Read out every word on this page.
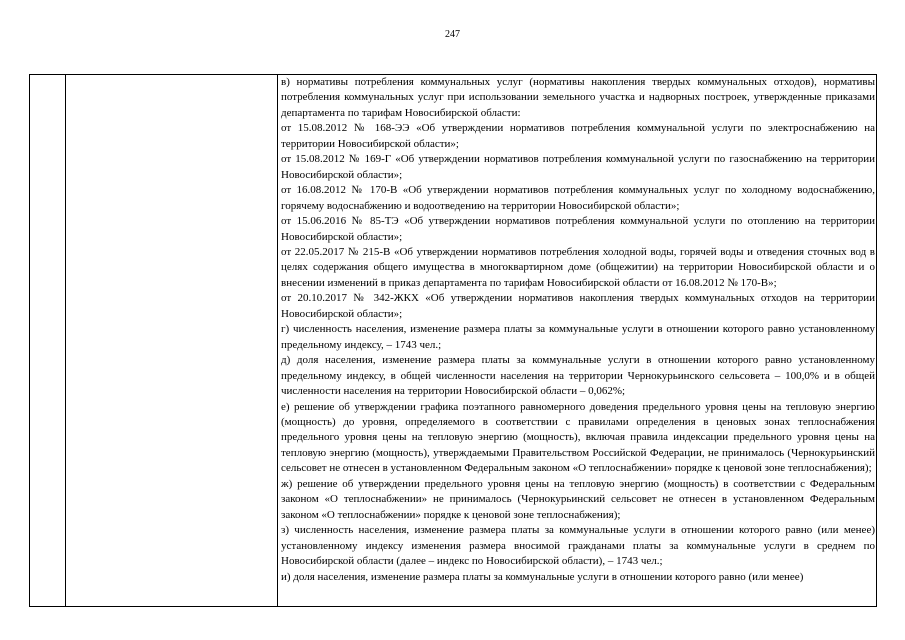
247

в) нормативы потребления коммунальных услуг (нормативы накопления твердых коммунальных отходов), нормативы потребления коммунальных услуг при использовании земельного участка и надворных построек, утвержденные приказами департамента по тарифам Новосибирской области:

от 15.08.2012 № 168-ЭЭ «Об утверждении нормативов потребления коммунальной услуги по электроснабжению на территории Новосибирской области»;

от 15.08.2012 № 169-Г «Об утверждении нормативов потребления коммунальной услуги по газоснабжению на территории Новосибирской области»;

от 16.08.2012 № 170-В «Об утверждении нормативов потребления коммунальных услуг по холодному водоснабжению, горячему водоснабжению и водоотведению на территории Новосибирской области»;

от 15.06.2016 № 85-ТЭ «Об утверждении нормативов потребления коммунальной услуги по отоплению на территории Новосибирской области»;

от 22.05.2017 № 215-В «Об утверждении нормативов потребления холодной воды, горячей воды и отведения сточных вод в целях содержания общего имущества в многоквартирном доме (общежитии) на территории Новосибирской области и о внесении изменений в приказ департамента по тарифам Новосибирской области от 16.08.2012 № 170-В»;

от 20.10.2017 № 342-ЖКХ «Об утверждении нормативов накопления твердых коммунальных отходов на территории Новосибирской области»;

г) численность населения, изменение размера платы за коммунальные услуги в отношении которого равно установленному предельному индексу, – 1743 чел.;

д) доля населения, изменение размера платы за коммунальные услуги в отношении которого равно установленному предельному индексу, в общей численности населения на территории Чернокурьинского сельсовета – 100,0% и в общей численности населения на территории Новосибирской области – 0,062%;

е) решение об утверждении графика поэтапного равномерного доведения предельного уровня цены на тепловую энергию (мощность) до уровня, определяемого в соответствии с правилами определения в ценовых зонах теплоснабжения предельного уровня цены на тепловую энергию (мощность), включая правила индексации предельного уровня цены на тепловую энергию (мощность), утверждаемыми Правительством Российской Федерации, не принималось (Чернокурьинский сельсовет не отнесен в установленном Федеральным законом «О теплоснабжении» порядке к ценовой зоне теплоснабжения);

ж) решение об утверждении предельного уровня цены на тепловую энергию (мощность) в соответствии с Федеральным законом «О теплоснабжении» не принималось (Чернокурьинский сельсовет не отнесен в установленном Федеральным законом «О теплоснабжении» порядке к ценовой зоне теплоснабжения);

з) численность населения, изменение размера платы за коммунальные услуги в отношении которого равно (или менее) установленному индексу изменения размера вносимой гражданами платы за коммунальные услуги в среднем по Новосибирской области (далее – индекс по Новосибирской области), – 1743 чел.;

и) доля населения, изменение размера платы за коммунальные услуги в отношении которого равно (или менее)
